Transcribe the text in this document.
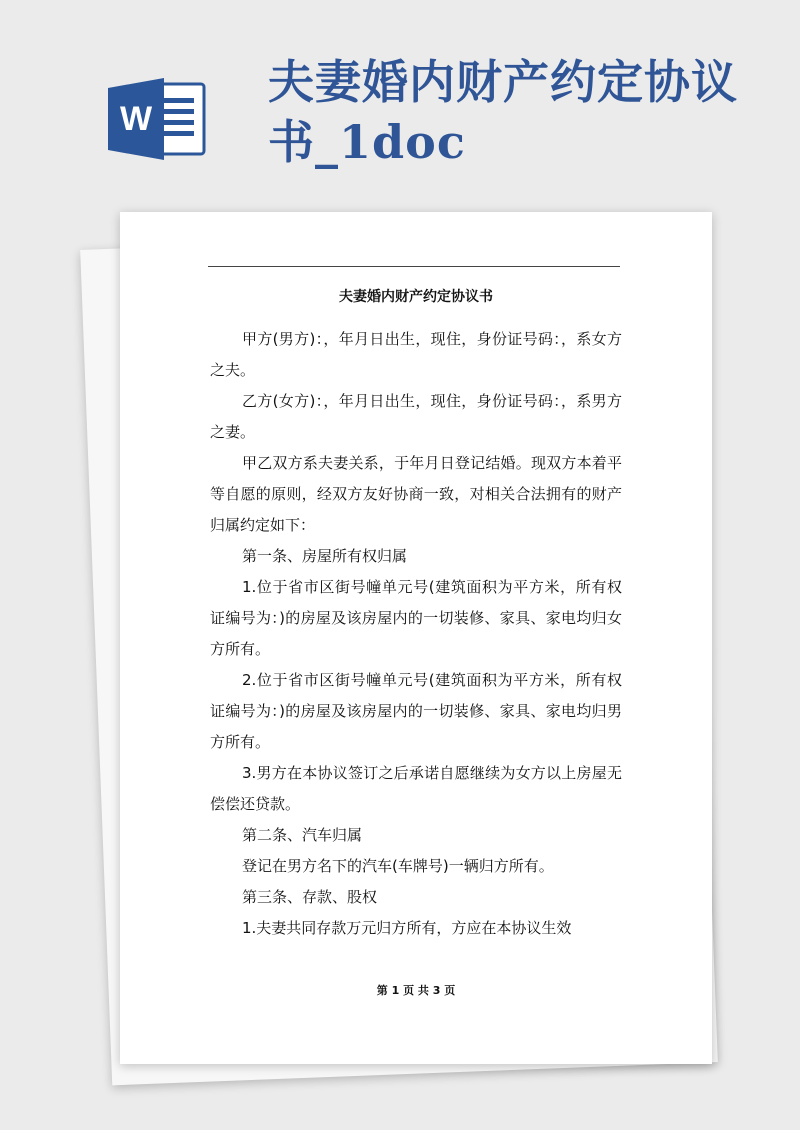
W
夫妻婚内财产约定协议书_1doc
夫妻婚内财产约定协议书

甲方(男方)：，年月日出生，现住，身份证号码：，系女方之夫。

乙方(女方)：，年月日出生，现住，身份证号码：，系男方之妻。

甲乙双方系夫妻关系，于年月日登记结婚。现双方本着平等自愿的原则，经双方友好协商一致，对相关合法拥有的财产归属约定如下：

第一条、房屋所有权归属

1.位于省市区街号幢单元号(建筑面积为平方米，所有权证编号为：)的房屋及该房屋内的一切装修、家具、家电均归女方所有。

2.位于省市区街号幢单元号(建筑面积为平方米，所有权证编号为：)的房屋及该房屋内的一切装修、家具、家电均归男方所有。

3.男方在本协议签订之后承诺自愿继续为女方以上房屋无偿偿还贷款。

第二条、汽车归属

登记在男方名下的汽车(车牌号)一辆归方所有。

第三条、存款、股权

1.夫妻共同存款万元归方所有，方应在本协议生效

第 1 页 共 3 页
